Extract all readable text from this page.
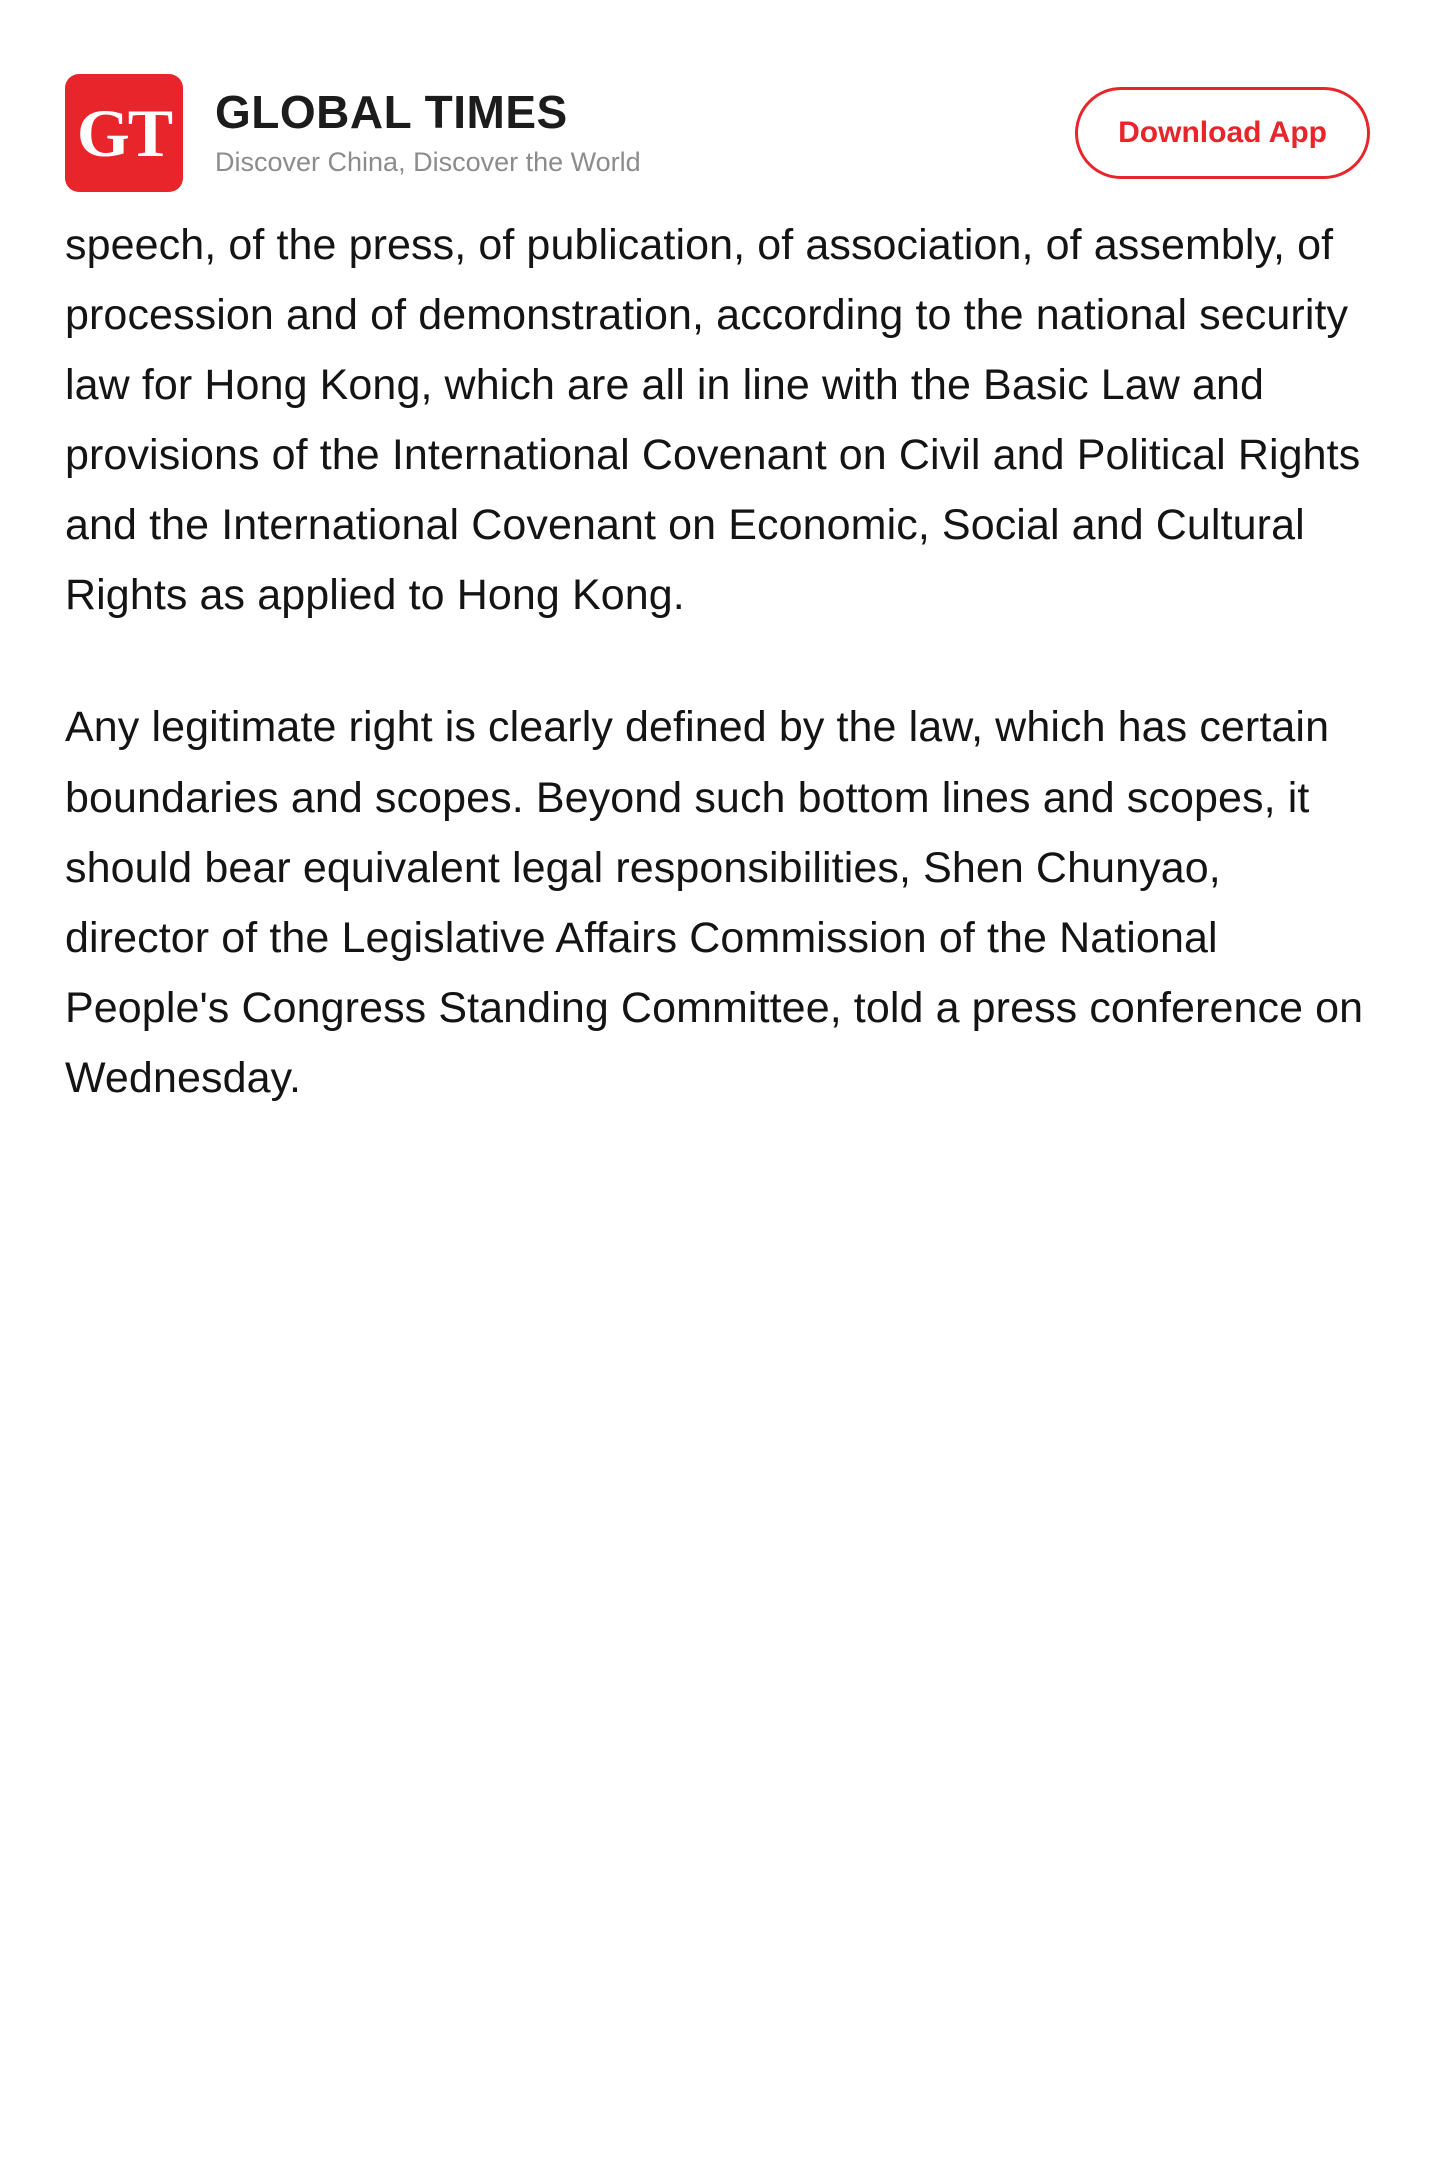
GT GLOBAL TIMES
Discover China, Discover the World
Download App

speech, of the press, of publication, of association, of assembly, of procession and of demonstration, according to the national security law for Hong Kong, which are all in line with the Basic Law and provisions of the International Covenant on Civil and Political Rights and the International Covenant on Economic, Social and Cultural Rights as applied to Hong Kong.

Any legitimate right is clearly defined by the law, which has certain boundaries and scopes. Beyond such bottom lines and scopes, it should bear equivalent legal responsibilities, Shen Chunyao, director of the Legislative Affairs Commission of the National People's Congress Standing Committee, told a press conference on Wednesday.
